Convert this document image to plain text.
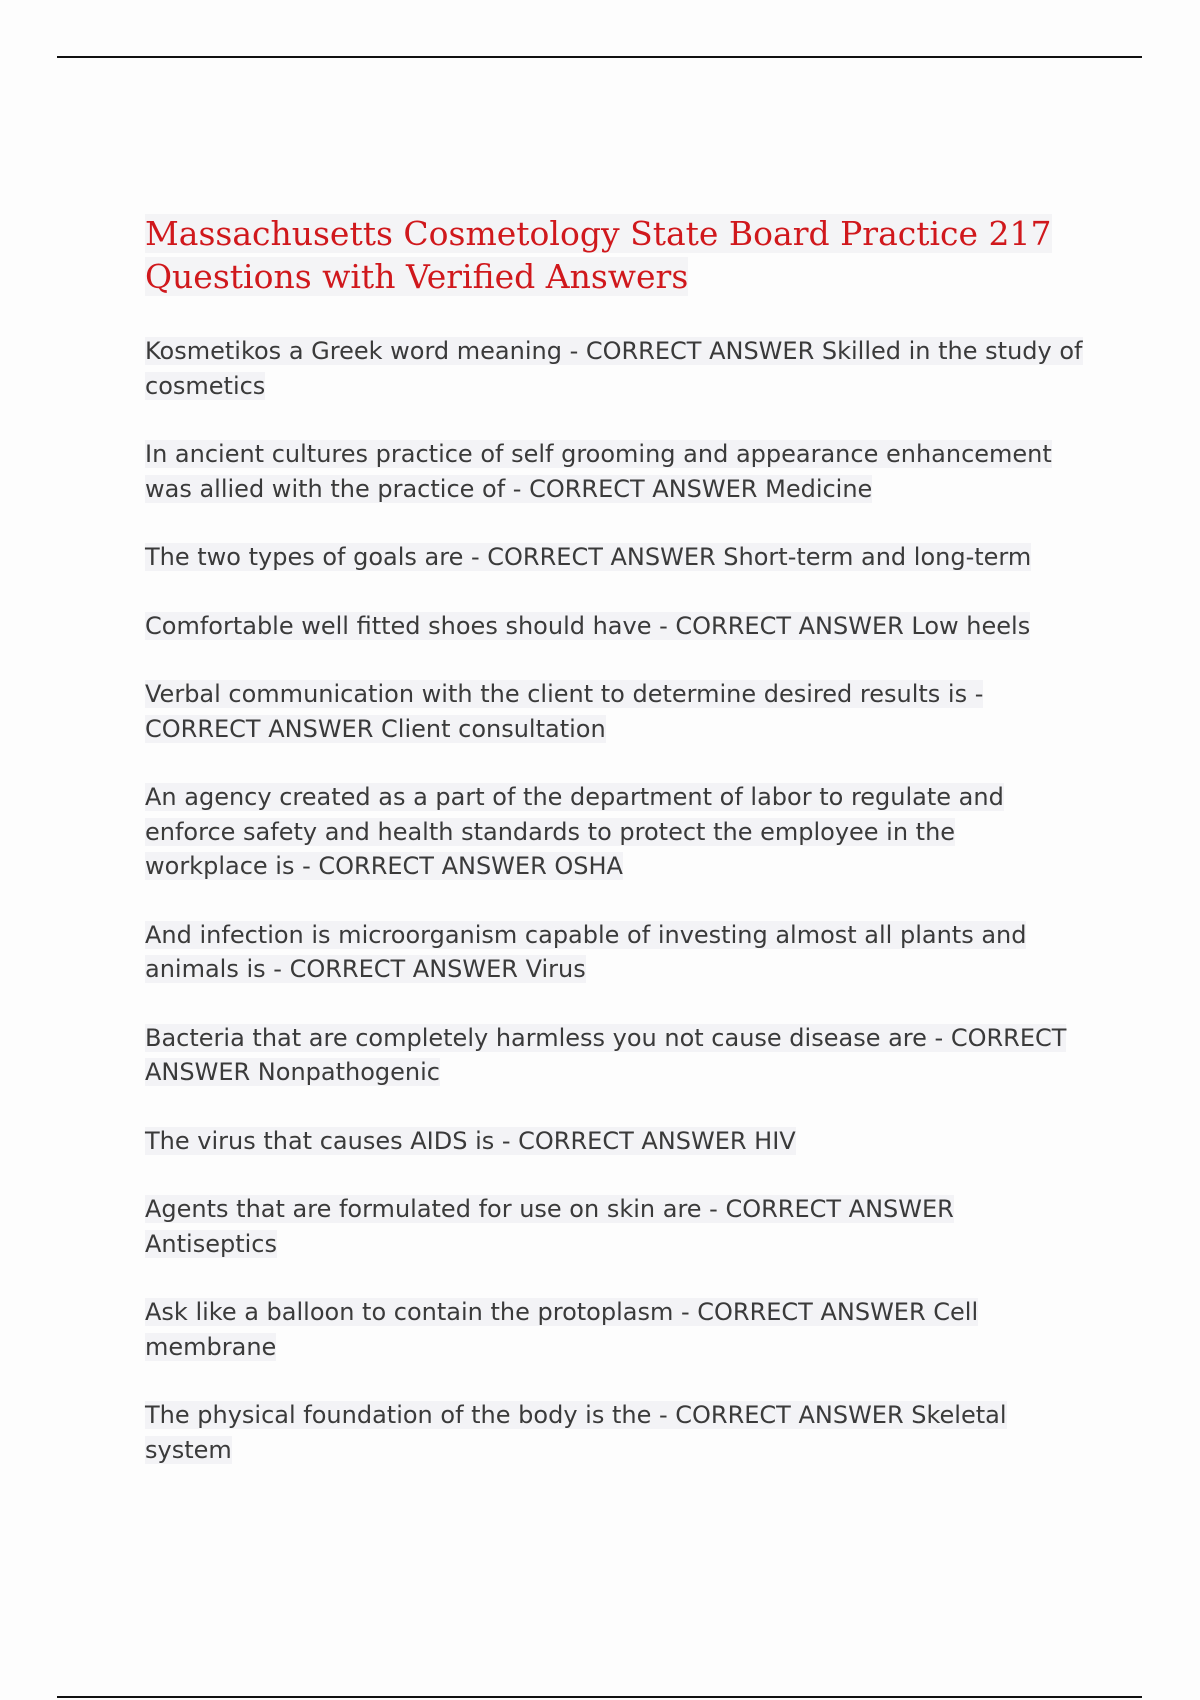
Massachusetts Cosmetology State Board Practice 217 Questions with Verified Answers
Kosmetikos a Greek word meaning - CORRECT ANSWER Skilled in the study of cosmetics
In ancient cultures practice of self grooming and appearance enhancement was allied with the practice of - CORRECT ANSWER Medicine
The two types of goals are - CORRECT ANSWER Short-term and long-term
Comfortable well fitted shoes should have - CORRECT ANSWER Low heels
Verbal communication with the client to determine desired results is - CORRECT ANSWER Client consultation
An agency created as a part of the department of labor to regulate and enforce safety and health standards to protect the employee in the workplace is - CORRECT ANSWER OSHA
And infection is microorganism capable of investing almost all plants and animals is - CORRECT ANSWER Virus
Bacteria that are completely harmless you not cause disease are - CORRECT ANSWER Nonpathogenic
The virus that causes AIDS is - CORRECT ANSWER HIV
Agents that are formulated for use on skin are - CORRECT ANSWER Antiseptics
Ask like a balloon to contain the protoplasm - CORRECT ANSWER Cell membrane
The physical foundation of the body is the - CORRECT ANSWER Skeletal system
